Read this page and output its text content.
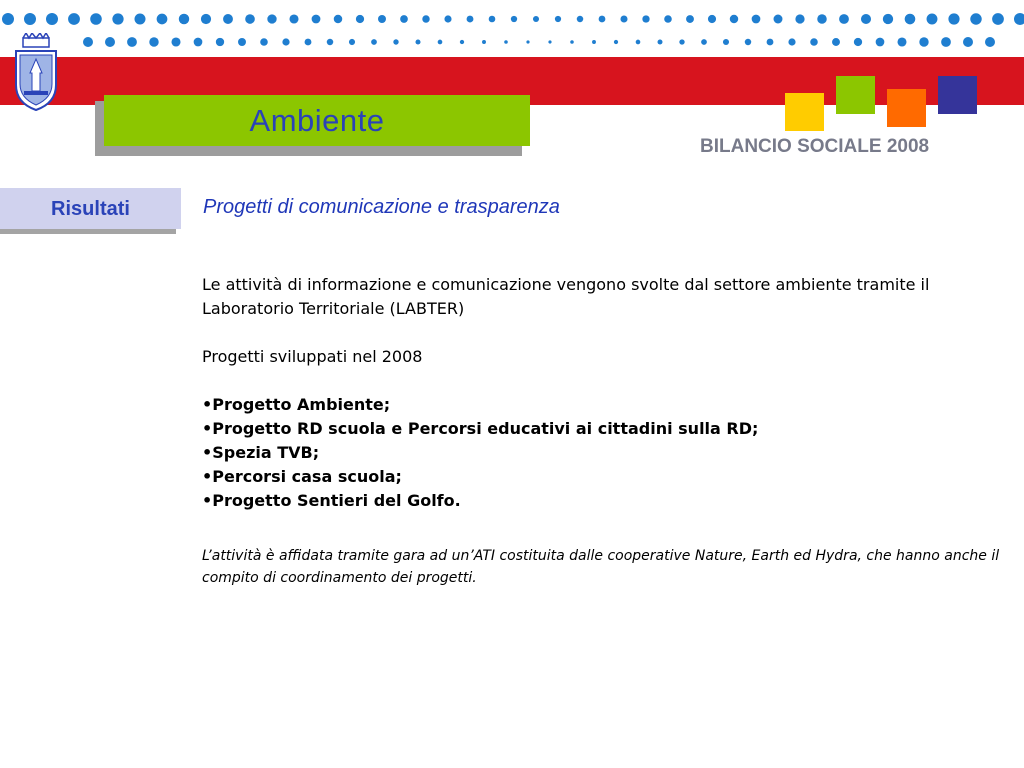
Ambiente
BILANCIO SOCIALE 2008
Risultati	Progetti di comunicazione e trasparenza

Le attività di informazione e comunicazione vengono svolte dal settore ambiente tramite il Laboratorio Territoriale (LABTER)

Progetti sviluppati nel 2008

• Progetto Ambiente;
• Progetto RD scuola e Percorsi educativi ai cittadini sulla RD;
• Spezia TVB;
• Percorsi casa scuola;
• Progetto Sentieri del Golfo.

L’attività è affidata tramite gara ad un’ATI costituita dalle cooperative Nature, Earth ed Hydra, che hanno anche il compito di coordinamento dei progetti.
